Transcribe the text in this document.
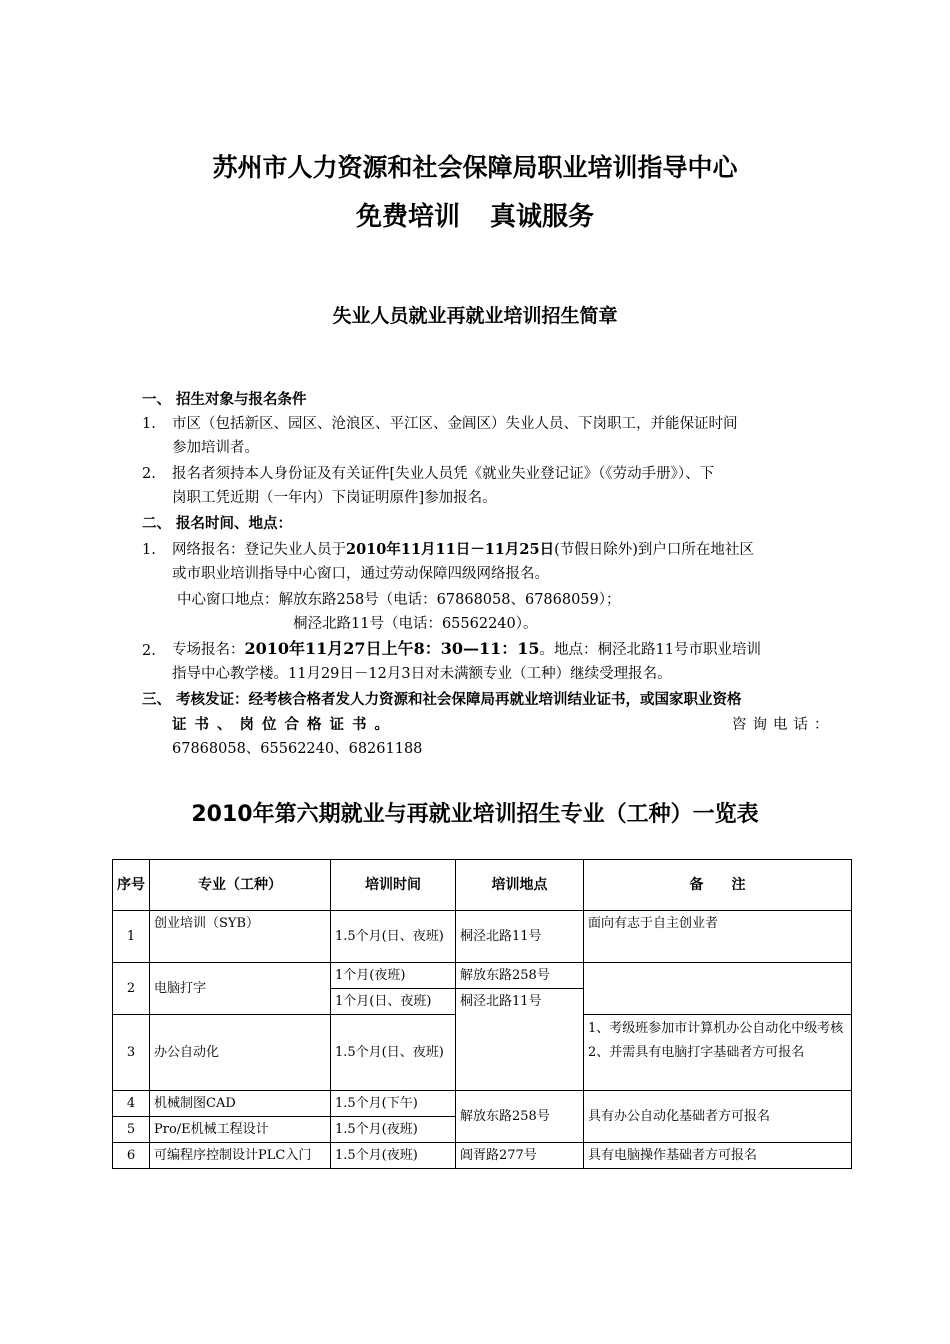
苏州市人力资源和社会保障局职业培训指导中心
免费培训 真诚服务
失业人员就业再就业培训招生简章
一、 招生对象与报名条件
1. 市区（包括新区、园区、沧浪区、平江区、金阊区）失业人员、下岗职工，并能保证时间
参加培训者。
2. 报名者须持本人身份证及有关证件[失业人员凭《就业失业登记证》（《劳动手册》）、下
岗职工凭近期（一年内）下岗证明原件]参加报名。
二、 报名时间、地点：
1. 网络报名：登记失业人员于2010年11月11日－11月25日(节假日除外)到户口所在地社区
或市职业培训指导中心窗口，通过劳动保障四级网络报名。
中心窗口地点：解放东路258号（电话：67868058、67868059）；
桐泾北路11号（电话：65562240）。
2. 专场报名：2010年11月27日上午8：30—11：15。地点：桐泾北路11号市职业培训
指导中心教学楼。11月29日－12月3日对未满额专业（工种）继续受理报名。
三、 考核发证：经考核合格者发人力资源和社会保障局再就业培训结业证书，或国家职业资格
证书、岗位合格证书。	咨询电话：
67868058、65562240、68261188
2010年第六期就业与再就业培训招生专业（工种）一览表
序号	专业（工种）	培训时间	培训地点	备　　注
1	创业培训（SYB）	1.5个月(日、夜班)	桐泾北路11号	面向有志于自主创业者
2	电脑打字	1个月(夜班)	解放东路258号	
		1个月(日、夜班)	桐泾北路11号	
3	办公自动化	1.5个月(日、夜班)		1、考级班参加市计算机办公自动化中级考核
2、并需具有电脑打字基础者方可报名
4	机械制图CAD	1.5个月(下午)	解放东路258号	具有办公自动化基础者方可报名
5	Pro/E机械工程设计	1.5个月(夜班)		
6	可编程序控制设计PLC入门	1.5个月(夜班)	阊胥路277号	具有电脑操作基础者方可报名
